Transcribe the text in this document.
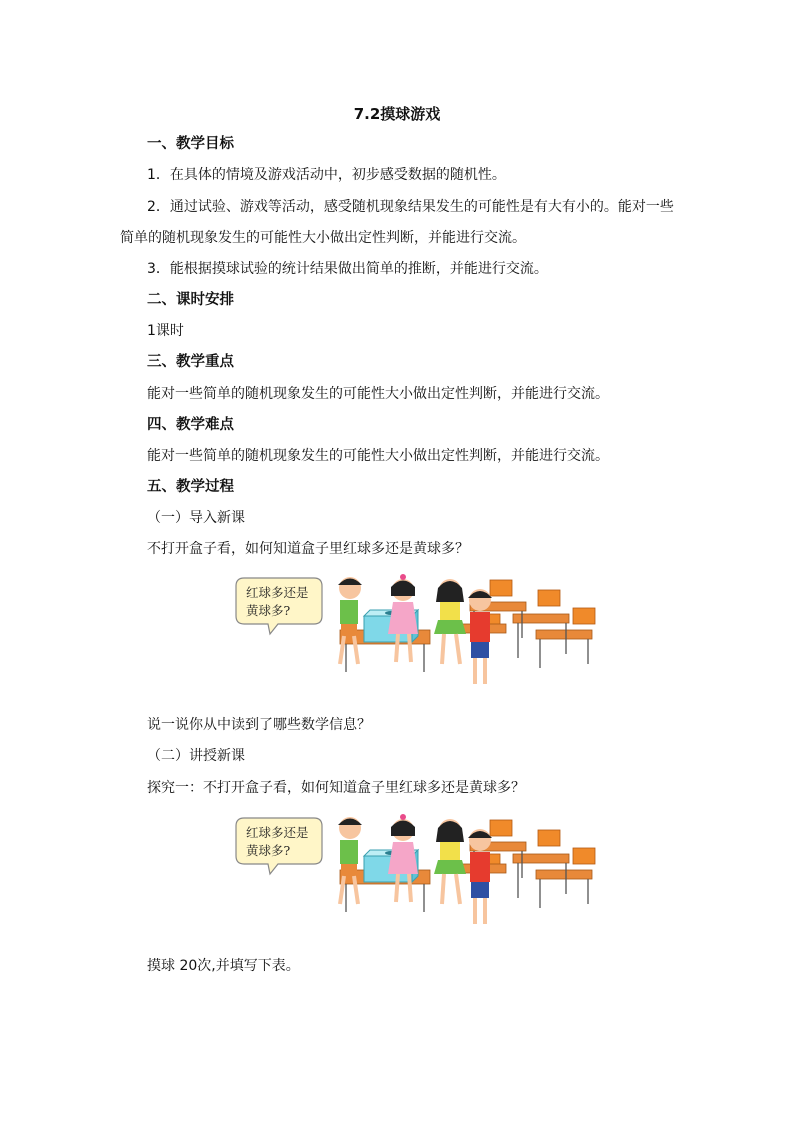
7.2摸球游戏
一、教学目标
1．在具体的情境及游戏活动中，初步感受数据的随机性。
2．通过试验、游戏等活动，感受随机现象结果发生的可能性是有大有小的。能对一些
简单的随机现象发生的可能性大小做出定性判断，并能进行交流。
3．能根据摸球试验的统计结果做出简单的推断，并能进行交流。
二、课时安排
1课时
三、教学重点
能对一些简单的随机现象发生的可能性大小做出定性判断，并能进行交流。
四、教学难点
能对一些简单的随机现象发生的可能性大小做出定性判断，并能进行交流。
五、教学过程
（一）导入新课
不打开盒子看，如何知道盒子里红球多还是黄球多？
红球多还是
黄球多?
说一说你从中读到了哪些数学信息？
（二）讲授新课
探究一：不打开盒子看，如何知道盒子里红球多还是黄球多？
红球多还是
黄球多?
摸球 20次,并填写下表。
